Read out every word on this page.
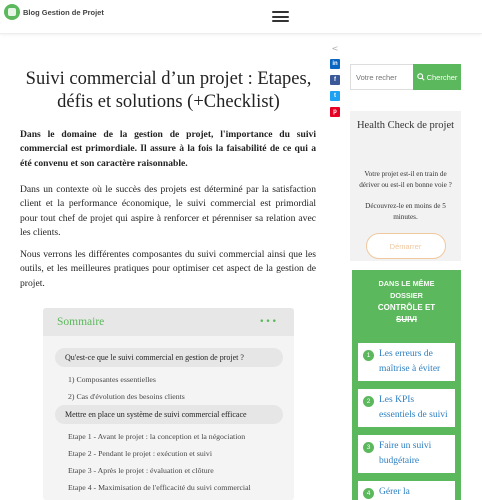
Blog Gestion de Projet
Suivi commercial d’un projet : Etapes, défis et solutions (+Checklist)

Dans le domaine de la gestion de projet, l'importance du suivi commercial est primordiale. Il assure à la fois la faisabilité de ce qui a été convenu et son caractère raisonnable.

Dans un contexte où le succès des projets est déterminé par la satisfaction client et la performance économique, le suivi commercial est primordial pour tout chef de projet qui aspire à renforcer et pérenniser sa relation avec les clients.

Nous verrons les différentes composantes du suivi commercial ainsi que les outils, et les meilleures pratiques pour optimiser cet aspect de la gestion de projet.

<
in
f
t
p
Sommaire	•••
Qu'est-ce que le suivi commercial en gestion de projet ?
1) Composantes essentielles
2) Cas d'évolution des besoins clients
Mettre en place un système de suivi commercial efficace
Etape 1 - Avant le projet : la conception et la négociation
Etape 2 - Pendant le projet : exécution et suivi
Etape 3 - Après le projet : évaluation et clôture
Etape 4 - Maximisation de l'efficacité du suivi commercial
Votre recher
Chercher
Health Check de projet
Votre projet est-il en train de dériver ou est-il en bonne voie ?
Découvrez-le en moins de 5 minutes.
Démarrer
DANS LE MÊME
DOSSIER
CONTRÔLE ET
SUIVI
1 Les erreurs de maîtrise à éviter
2 Les KPIs essentiels de suivi
3 Faire un suivi budgétaire
4 Gérer la
